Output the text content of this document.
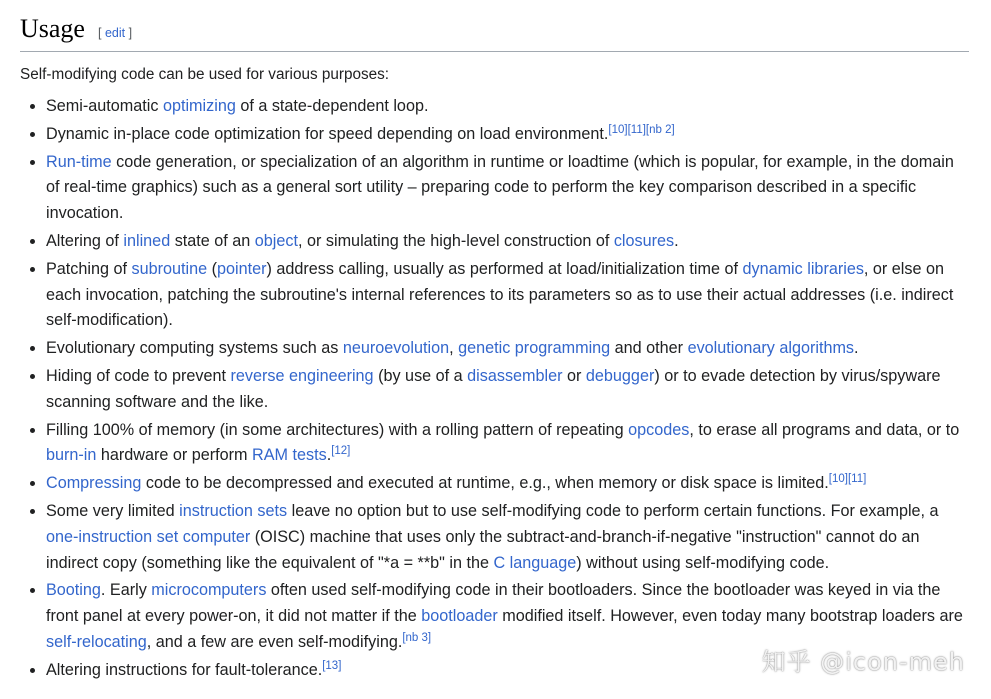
Usage [ edit ]

Self-modifying code can be used for various purposes:

• Semi-automatic optimizing of a state-dependent loop.
• Dynamic in-place code optimization for speed depending on load environment.[10][11][nb 2]
• Run-time code generation, or specialization of an algorithm in runtime or loadtime (which is popular, for example, in the domain of real-time graphics) such as a general sort utility – preparing code to perform the key comparison described in a specific invocation.
• Altering of inlined state of an object, or simulating the high-level construction of closures.
• Patching of subroutine (pointer) address calling, usually as performed at load/initialization time of dynamic libraries, or else on each invocation, patching the subroutine's internal references to its parameters so as to use their actual addresses (i.e. indirect self-modification).
• Evolutionary computing systems such as neuroevolution, genetic programming and other evolutionary algorithms.
• Hiding of code to prevent reverse engineering (by use of a disassembler or debugger) or to evade detection by virus/spyware scanning software and the like.
• Filling 100% of memory (in some architectures) with a rolling pattern of repeating opcodes, to erase all programs and data, or to burn-in hardware or perform RAM tests.[12]
• Compressing code to be decompressed and executed at runtime, e.g., when memory or disk space is limited.[10][11]
• Some very limited instruction sets leave no option but to use self-modifying code to perform certain functions. For example, a one-instruction set computer (OISC) machine that uses only the subtract-and-branch-if-negative "instruction" cannot do an indirect copy (something like the equivalent of "*a = **b" in the C language) without using self-modifying code.
• Booting. Early microcomputers often used self-modifying code in their bootloaders. Since the bootloader was keyed in via the front panel at every power-on, it did not matter if the bootloader modified itself. However, even today many bootstrap loaders are self-relocating, and a few are even self-modifying.[nb 3]
• Altering instructions for fault-tolerance.[13]	知乎 @icon-meh
